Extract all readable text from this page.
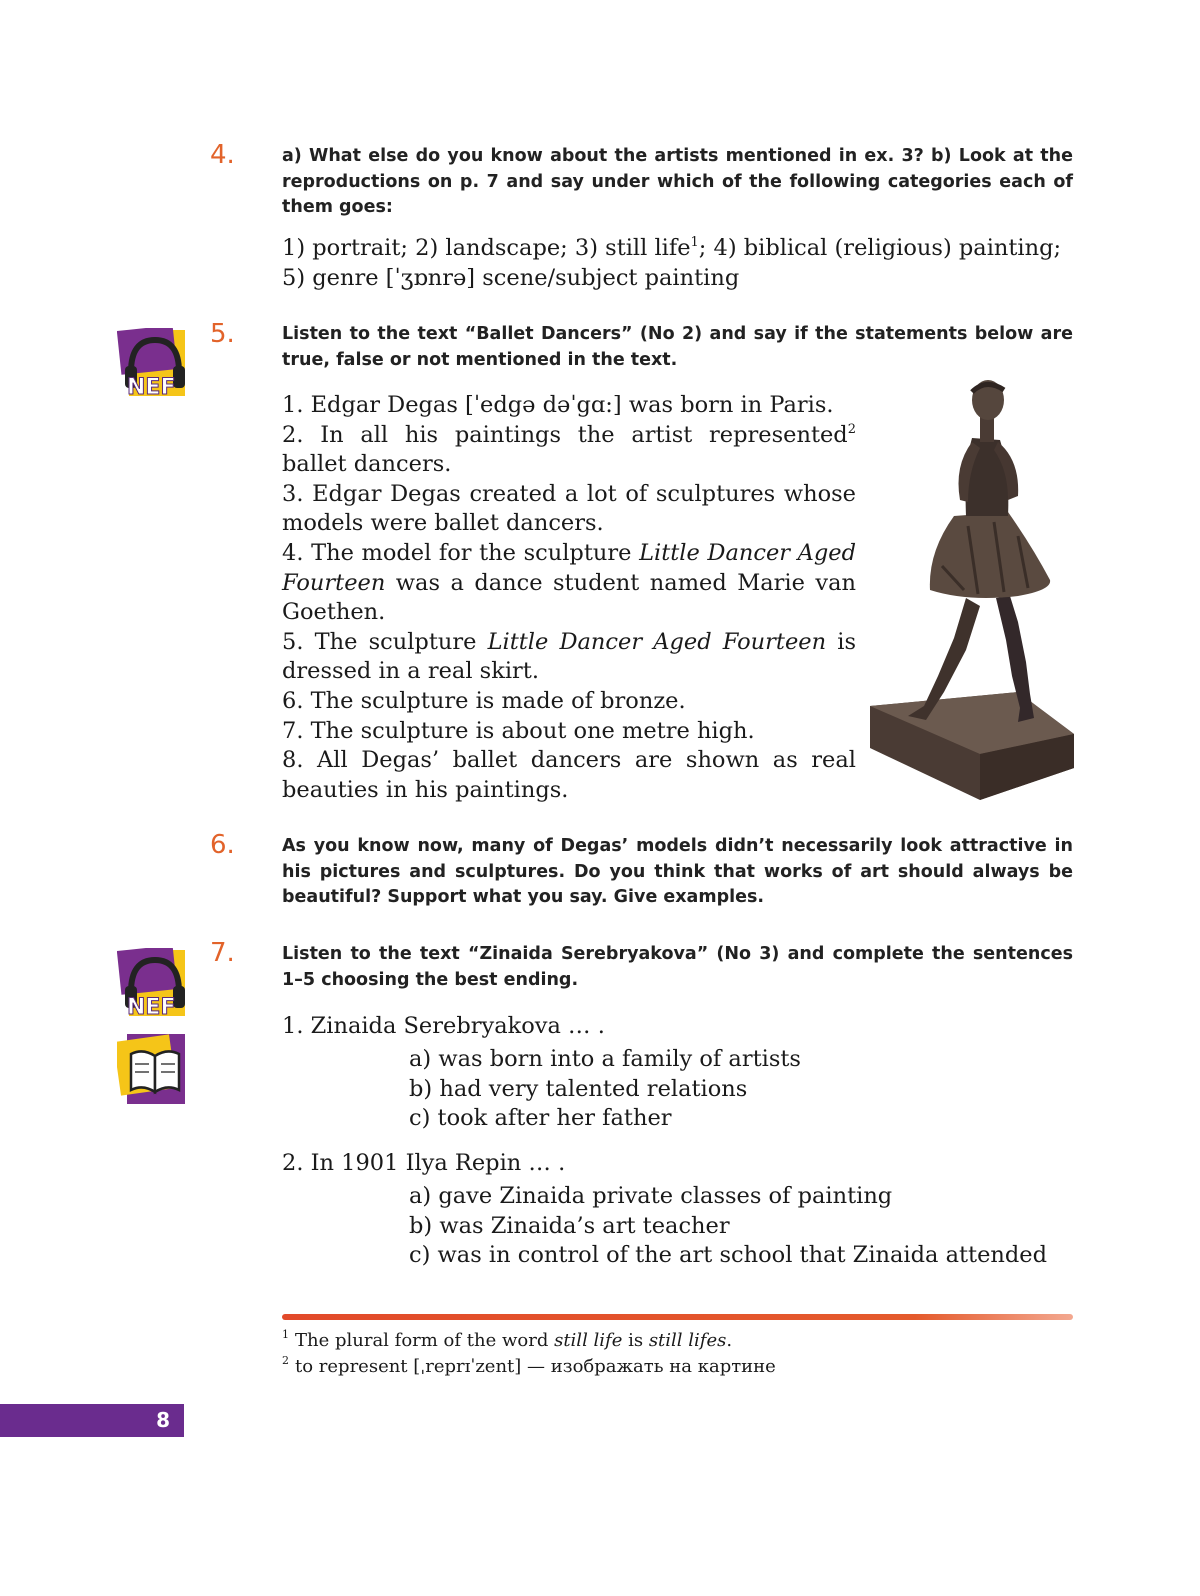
4.	a) What else do you know about the artists mentioned in ex. 3? b) Look at the reproductions on p. 7 and say under which of the following categories each of them goes:

1) portrait; 2) landscape; 3) still life$^1$; 4) biblical (religious) painting;

5) genre [ˈʒɒnrə] scene/subject painting

NEF
5.	Listen to the text “Ballet Dancers” (No 2) and say if the statements below are true, false or not mentioned in the text.

1. Edgar Degas [ˈedgə dəˈgɑ:] was born in Paris.

2. In all his paintings the artist represented$^2$ ballet dancers.

3. Edgar Degas created a lot of sculptures whose models were ballet dancers.

4. The model for the sculpture Little Dancer Aged Fourteen was a dance student named Marie van Goethen.

5. The sculpture Little Dancer Aged Fourteen is dressed in a real skirt.

6. The sculpture is made of bronze.

7. The sculpture is about one metre high.

8. All Degas’ ballet dancers are shown as real beauties in his paintings.

6.	As you know now, many of Degas’ models didn’t necessarily look attractive in his pictures and sculptures. Do you think that works of art should always be beautiful? Support what you say. Give examples.
NEF
7.	Listen to the text “Zinaida Serebryakova” (No 3) and complete the sentences 1–5 choosing the best ending.
1. Zinaida Serebryakova … .
a) was born into a family of artists
b) had very talented relations
c) took after her father
2. In 1901 Ilya Repin … .
a) gave Zinaida private classes of painting
b) was Zinaida’s art teacher
c) was in control of the art school that Zinaida attended
$^1$ The plural form of the word still life is still lifes.
$^2$ to represent [ˌreprɪˈzent] — изображать на картине
8
